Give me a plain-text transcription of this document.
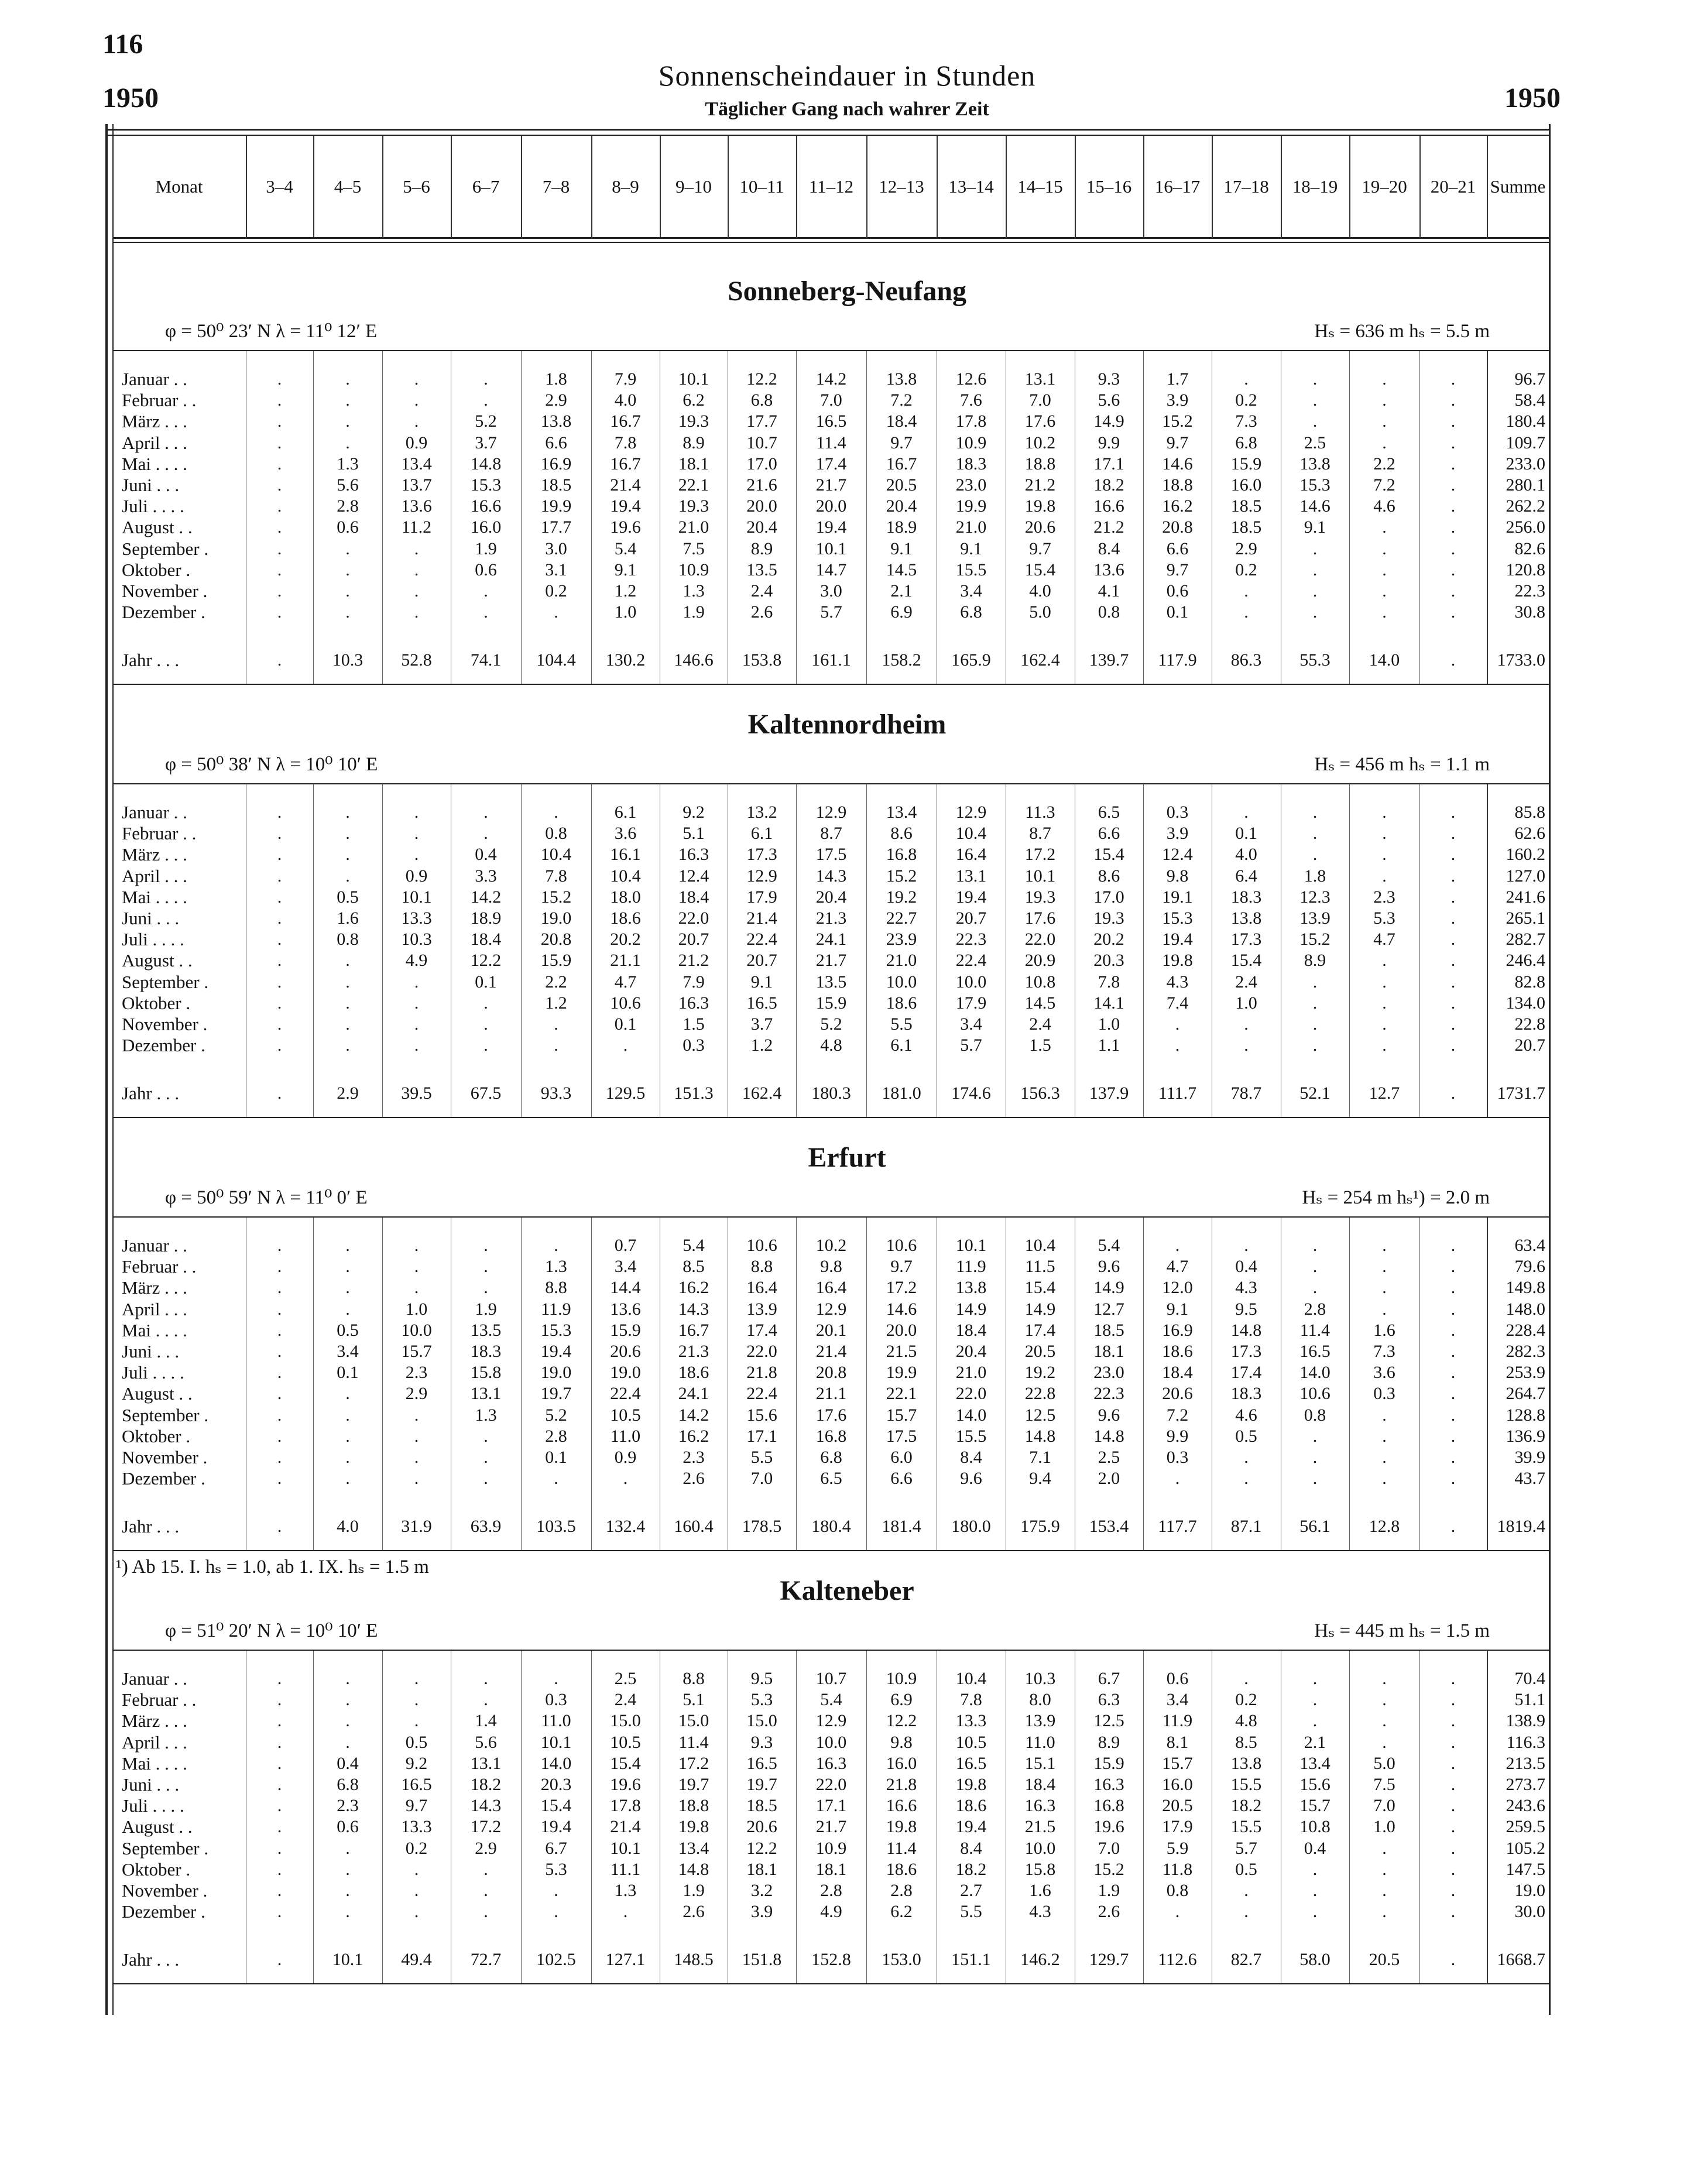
116
1950	1950
Sonnenscheindauer in Stunden
Täglicher Gang nach wahrer Zeit
Monat	3–4	4–5	5–6	6–7	7–8	8–9	9–10	10–11	11–12	12–13	13–14	14–15	15–16	16–17	17–18	18–19	19–20	20–21 Summe
Sonneberg-Neufang
φ = 50⁰ 23′ N λ = 11⁰ 12′ E	Hₛ = 636 m hₛ = 5.5 m
Januar . .	.	.	.	.	1.8	7.9	10.1	12.2	14.2	13.8	12.6	13.1	9.3	1.7	.	.	.	.	96.7
Februar . .	.	.	.	.	2.9	4.0	6.2	6.8	7.0	7.2	7.6	7.0	5.6	3.9	0.2	.	.	.	58.4
März . . .	.	.	.	5.2	13.8	16.7	19.3	17.7	16.5	18.4	17.8	17.6	14.9	15.2	7.3	.	.	.	180.4
April . . .	.	.	0.9	3.7	6.6	7.8	8.9	10.7	11.4	9.7	10.9	10.2	9.9	9.7	6.8	2.5	.	.	109.7
Mai . . . .	.	1.3	13.4	14.8	16.9	16.7	18.1	17.0	17.4	16.7	18.3	18.8	17.1	14.6	15.9	13.8	2.2	.	233.0
Juni . . .	.	5.6	13.7	15.3	18.5	21.4	22.1	21.6	21.7	20.5	23.0	21.2	18.2	18.8	16.0	15.3	7.2	.	280.1
Juli . . . .	.	2.8	13.6	16.6	19.9	19.4	19.3	20.0	20.0	20.4	19.9	19.8	16.6	16.2	18.5	14.6	4.6	.	262.2
August . .	.	0.6	11.2	16.0	17.7	19.6	21.0	20.4	19.4	18.9	21.0	20.6	21.2	20.8	18.5	9.1	.	.	256.0
September .	.	.	.	1.9	3.0	5.4	7.5	8.9	10.1	9.1	9.1	9.7	8.4	6.6	2.9	.	.	.	82.6
Oktober .	.	.	.	0.6	3.1	9.1	10.9	13.5	14.7	14.5	15.5	15.4	13.6	9.7	0.2	.	.	.	120.8
November .	.	.	.	.	0.2	1.2	1.3	2.4	3.0	2.1	3.4	4.0	4.1	0.6	.	.	.	.	22.3
Dezember .	.	.	.	.	.	1.0	1.9	2.6	5.7	6.9	6.8	5.0	0.8	0.1	.	.	.	.	30.8
Jahr . . .	.	10.3	52.8	74.1	104.4	130.2	146.6	153.8	161.1	158.2	165.9	162.4	139.7	117.9	86.3	55.3	14.0	.	1733.0
Kaltennordheim
φ = 50⁰ 38′ N λ = 10⁰ 10′ E	Hₛ = 456 m hₛ = 1.1 m
Januar . .	.	.	.	.	.	6.1	9.2	13.2	12.9	13.4	12.9	11.3	6.5	0.3	.	.	.	.	85.8
Februar . .	.	.	.	.	0.8	3.6	5.1	6.1	8.7	8.6	10.4	8.7	6.6	3.9	0.1	.	.	.	62.6
März . . .	.	.	.	0.4	10.4	16.1	16.3	17.3	17.5	16.8	16.4	17.2	15.4	12.4	4.0	.	.	.	160.2
April . . .	.	.	0.9	3.3	7.8	10.4	12.4	12.9	14.3	15.2	13.1	10.1	8.6	9.8	6.4	1.8	.	.	127.0
Mai . . . .	.	0.5	10.1	14.2	15.2	18.0	18.4	17.9	20.4	19.2	19.4	19.3	17.0	19.1	18.3	12.3	2.3	.	241.6
Juni . . .	.	1.6	13.3	18.9	19.0	18.6	22.0	21.4	21.3	22.7	20.7	17.6	19.3	15.3	13.8	13.9	5.3	.	265.1
Juli . . . .	.	0.8	10.3	18.4	20.8	20.2	20.7	22.4	24.1	23.9	22.3	22.0	20.2	19.4	17.3	15.2	4.7	.	282.7
August . .	.	.	4.9	12.2	15.9	21.1	21.2	20.7	21.7	21.0	22.4	20.9	20.3	19.8	15.4	8.9	.	.	246.4
September .	.	.	.	0.1	2.2	4.7	7.9	9.1	13.5	10.0	10.0	10.8	7.8	4.3	2.4	.	.	.	82.8
Oktober .	.	.	.	.	1.2	10.6	16.3	16.5	15.9	18.6	17.9	14.5	14.1	7.4	1.0	.	.	.	134.0
November .	.	.	.	.	.	0.1	1.5	3.7	5.2	5.5	3.4	2.4	1.0	.	.	.	.	.	22.8
Dezember .	.	.	.	.	.	.	0.3	1.2	4.8	6.1	5.7	1.5	1.1	.	.	.	.	.	20.7
Jahr . . .	.	2.9	39.5	67.5	93.3	129.5	151.3	162.4	180.3	181.0	174.6	156.3	137.9	111.7	78.7	52.1	12.7	.	1731.7
Erfurt
φ = 50⁰ 59′ N λ = 11⁰ 0′ E	Hₛ = 254 m hₛ¹) = 2.0 m
Januar . .	.	.	.	.	.	0.7	5.4	10.6	10.2	10.6	10.1	10.4	5.4	.	.	.	.	.	63.4
Februar . .	.	.	.	.	1.3	3.4	8.5	8.8	9.8	9.7	11.9	11.5	9.6	4.7	0.4	.	.	.	79.6
März . . .	.	.	.	.	8.8	14.4	16.2	16.4	16.4	17.2	13.8	15.4	14.9	12.0	4.3	.	.	.	149.8
April . . .	.	.	1.0	1.9	11.9	13.6	14.3	13.9	12.9	14.6	14.9	14.9	12.7	9.1	9.5	2.8	.	.	148.0
Mai . . . .	.	0.5	10.0	13.5	15.3	15.9	16.7	17.4	20.1	20.0	18.4	17.4	18.5	16.9	14.8	11.4	1.6	.	228.4
Juni . . .	.	3.4	15.7	18.3	19.4	20.6	21.3	22.0	21.4	21.5	20.4	20.5	18.1	18.6	17.3	16.5	7.3	.	282.3
Juli . . . .	.	0.1	2.3	15.8	19.0	19.0	18.6	21.8	20.8	19.9	21.0	19.2	23.0	18.4	17.4	14.0	3.6	.	253.9
August . .	.	.	2.9	13.1	19.7	22.4	24.1	22.4	21.1	22.1	22.0	22.8	22.3	20.6	18.3	10.6	0.3	.	264.7
September .	.	.	.	1.3	5.2	10.5	14.2	15.6	17.6	15.7	14.0	12.5	9.6	7.2	4.6	0.8	.	.	128.8
Oktober .	.	.	.	.	2.8	11.0	16.2	17.1	16.8	17.5	15.5	14.8	14.8	9.9	0.5	.	.	.	136.9
November .	.	.	.	.	0.1	0.9	2.3	5.5	6.8	6.0	8.4	7.1	2.5	0.3	.	.	.	.	39.9
Dezember .	.	.	.	.	.	.	2.6	7.0	6.5	6.6	9.6	9.4	2.0	.	.	.	.	.	43.7
Jahr . . .	.	4.0	31.9	63.9	103.5	132.4	160.4	178.5	180.4	181.4	180.0	175.9	153.4	117.7	87.1	56.1	12.8	.	1819.4
¹) Ab 15. I. hₛ = 1.0, ab 1. IX. hₛ = 1.5 m
Kalteneber
φ = 51⁰ 20′ N λ = 10⁰ 10′ E	Hₛ = 445 m hₛ = 1.5 m
Januar . .	.	.	.	.	.	2.5	8.8	9.5	10.7	10.9	10.4	10.3	6.7	0.6	.	.	.	.	70.4
Februar . .	.	.	.	.	0.3	2.4	5.1	5.3	5.4	6.9	7.8	8.0	6.3	3.4	0.2	.	.	.	51.1
März . . .	.	.	.	1.4	11.0	15.0	15.0	15.0	12.9	12.2	13.3	13.9	12.5	11.9	4.8	.	.	.	138.9
April . . .	.	.	0.5	5.6	10.1	10.5	11.4	9.3	10.0	9.8	10.5	11.0	8.9	8.1	8.5	2.1	.	.	116.3
Mai . . . .	.	0.4	9.2	13.1	14.0	15.4	17.2	16.5	16.3	16.0	16.5	15.1	15.9	15.7	13.8	13.4	5.0	.	213.5
Juni . . .	.	6.8	16.5	18.2	20.3	19.6	19.7	19.7	22.0	21.8	19.8	18.4	16.3	16.0	15.5	15.6	7.5	.	273.7
Juli . . . .	.	2.3	9.7	14.3	15.4	17.8	18.8	18.5	17.1	16.6	18.6	16.3	16.8	20.5	18.2	15.7	7.0	.	243.6
August . .	.	0.6	13.3	17.2	19.4	21.4	19.8	20.6	21.7	19.8	19.4	21.5	19.6	17.9	15.5	10.8	1.0	.	259.5
September .	.	.	0.2	2.9	6.7	10.1	13.4	12.2	10.9	11.4	8.4	10.0	7.0	5.9	5.7	0.4	.	.	105.2
Oktober .	.	.	.	.	5.3	11.1	14.8	18.1	18.1	18.6	18.2	15.8	15.2	11.8	0.5	.	.	.	147.5
November .	.	.	.	.	.	1.3	1.9	3.2	2.8	2.8	2.7	1.6	1.9	0.8	.	.	.	.	19.0
Dezember .	.	.	.	.	.	.	2.6	3.9	4.9	6.2	5.5	4.3	2.6	.	.	.	.	.	30.0
Jahr . . .	.	10.1	49.4	72.7	102.5	127.1	148.5	151.8	152.8	153.0	151.1	146.2	129.7	112.6	82.7	58.0	20.5	.	1668.7
